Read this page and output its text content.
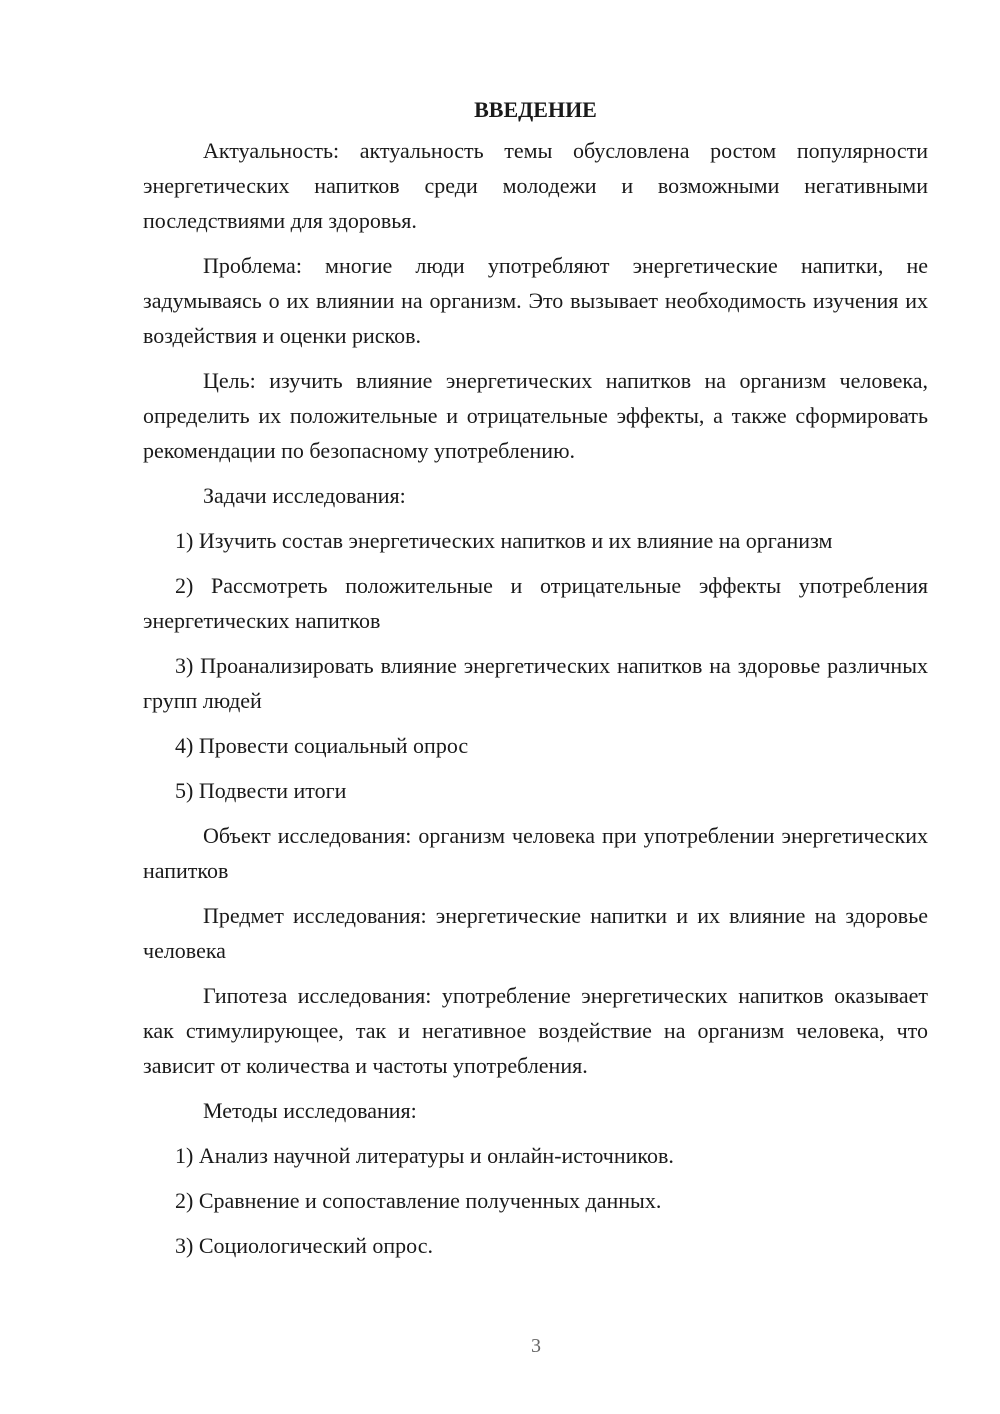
ВВЕДЕНИЕ

Актуальность: актуальность темы обусловлена ростом популярности энергетических напитков среди молодежи и возможными негативными последствиями для здоровья.

Проблема: многие люди употребляют энергетические напитки, не задумываясь о их влиянии на организм. Это вызывает необходимость изучения их воздействия и оценки рисков.

Цель: изучить влияние энергетических напитков на организм человека, определить их положительные и отрицательные эффекты, а также сформировать рекомендации по безопасному употреблению.

Задачи исследования:

1) Изучить состав энергетических напитков и их влияние на организм

2) Рассмотреть положительные и отрицательные эффекты употребления энергетических напитков

3) Проанализировать влияние энергетических напитков на здоровье различных групп людей

4) Провести социальный опрос

5) Подвести итоги

Объект исследования: организм человека при употреблении энергетических напитков

Предмет исследования: энергетические напитки и их влияние на здоровье человека

Гипотеза исследования: употребление энергетических напитков оказывает как стимулирующее, так и негативное воздействие на организм человека, что зависит от количества и частоты употребления.

Методы исследования:

1) Анализ научной литературы и онлайн-источников.

2) Сравнение и сопоставление полученных данных.

3) Социологический опрос.

3
